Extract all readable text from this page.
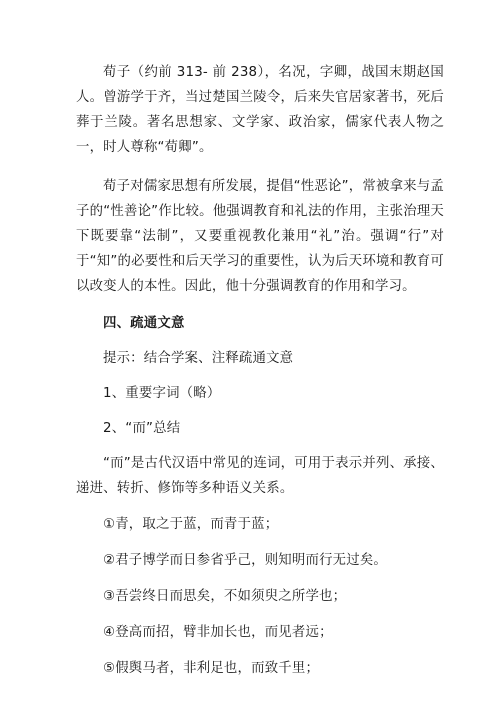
荀子（约前 313- 前 238），名况，字卿，战国末期赵国人。曾游学于齐，当过楚国兰陵令，后来失官居家著书，死后葬于兰陵。著名思想家、文学家、政治家，儒家代表人物之一，时人尊称“荀卿”。

荀子对儒家思想有所发展，提倡“性恶论”，常被拿来与孟子的“性善论”作比较。他强调教育和礼法的作用，主张治理天下既要靠“法制”，又要重视教化兼用“礼”治。强调“行”对于“知”的必要性和后天学习的重要性，认为后天环境和教育可以改变人的本性。因此，他十分强调教育的作用和学习。

四、疏通文意

提示：结合学案、注释疏通文意

1、重要字词（略）

2、“而”总结

“而”是古代汉语中常见的连词，可用于表示并列、承接、递进、转折、修饰等多种语义关系。

①青，取之于蓝，而青于蓝；

②君子博学而日参省乎己，则知明而行无过矣。

③吾尝终日而思矣，不如须臾之所学也；

④登高而招，臂非加长也，而见者远；

⑤假舆马者，非利足也，而致千里；
